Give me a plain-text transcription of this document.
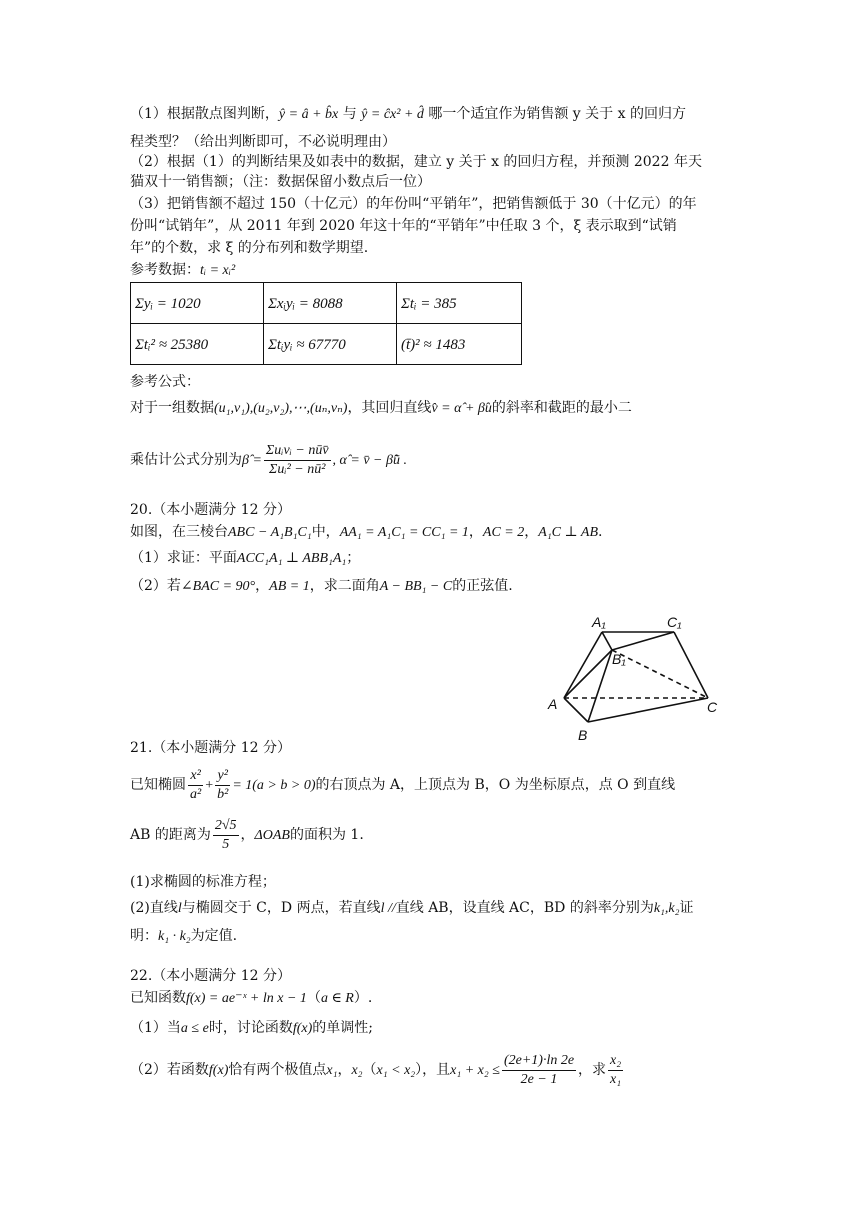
（1）根据散点图判断，ŷ = â + b̂x 与 ŷ = ĉx² + d̂ 哪一个适宜作为销售额 y 关于 x 的回归方
程类型？（给出判断即可，不必说明理由）
（2）根据（1）的判断结果及如表中的数据，建立 y 关于 x 的回归方程，并预测 2022 年天
猫双十一销售额；（注：数据保留小数点后一位）
（3）把销售额不超过 150（十亿元）的年份叫“平销年”，把销售额低于 30（十亿元）的年
份叫“试销年”，从 2011 年到 2020 年这十年的“平销年”中任取 3 个，ξ 表示取到“试销
年”的个数，求 ξ 的分布列和数学期望.
参考数据：tᵢ = xᵢ²
Σyᵢ = 1020	Σxᵢyᵢ = 8088	Σtᵢ = 385
Σtᵢ² ≈ 25380	Σtᵢyᵢ ≈ 67770	(t̄)² ≈ 1483
参考公式：
对于一组数据(u₁,v₁),(u₂,v₂),⋯,(uₙ,vₙ)，其回归直线v̂ = α̂ + β̂u的斜率和截距的最小二
乘估计公式分别为β̂ = $\frac{\text{Σuᵢvᵢ − nūv̄}}{\text{Σuᵢ² − nū²}}$ , α̂ = v̄ − β̂ū .
20.（本小题满分 12 分）
如图，在三棱台ABC − A₁B₁C₁中，AA₁ = A₁C₁ = CC₁ = 1，AC = 2，A₁C ⊥ AB.
（1）求证：平面ACC₁A₁ ⊥ ABB₁A₁；
（2）若∠BAC = 90°，AB = 1，求二面角A − BB₁ − C的正弦值.
A₁	C₁
B₁
A
B
C
21.（本小题满分 12 分）
已知椭圆 $\frac{\text{x²}}{\text{a²}} + \frac{\text{y²}}{\text{b²}} = 1(a > b > 0)$的右顶点为 A，上顶点为 B，O 为坐标原点，点 O 到直线
AB 的距离为 $\frac{2√5}{5}$ ，ΔOAB的面积为 1.
(1)求椭圆的标准方程；
(2)直线l与椭圆交于 C，D 两点，若直线l //直线 AB，设直线 AC，BD 的斜率分别为k₁,k₂证
明：k₁ · k₂为定值.
22.（本小题满分 12 分）
已知函数f(x) = ae⁻ˣ + ln x − 1（a ∈ R）.
（1）当a ≤ e时，讨论函数f(x)的单调性;
（2）若函数f(x)恰有两个极值点x₁，x₂（x₁ < x₂），且$x_1 + x_2 \le \frac{(2e+1)\cdot\ln 2e}{2e - 1}$ ，求 $\frac{\text{x₂}}{\text{x₁}}$
